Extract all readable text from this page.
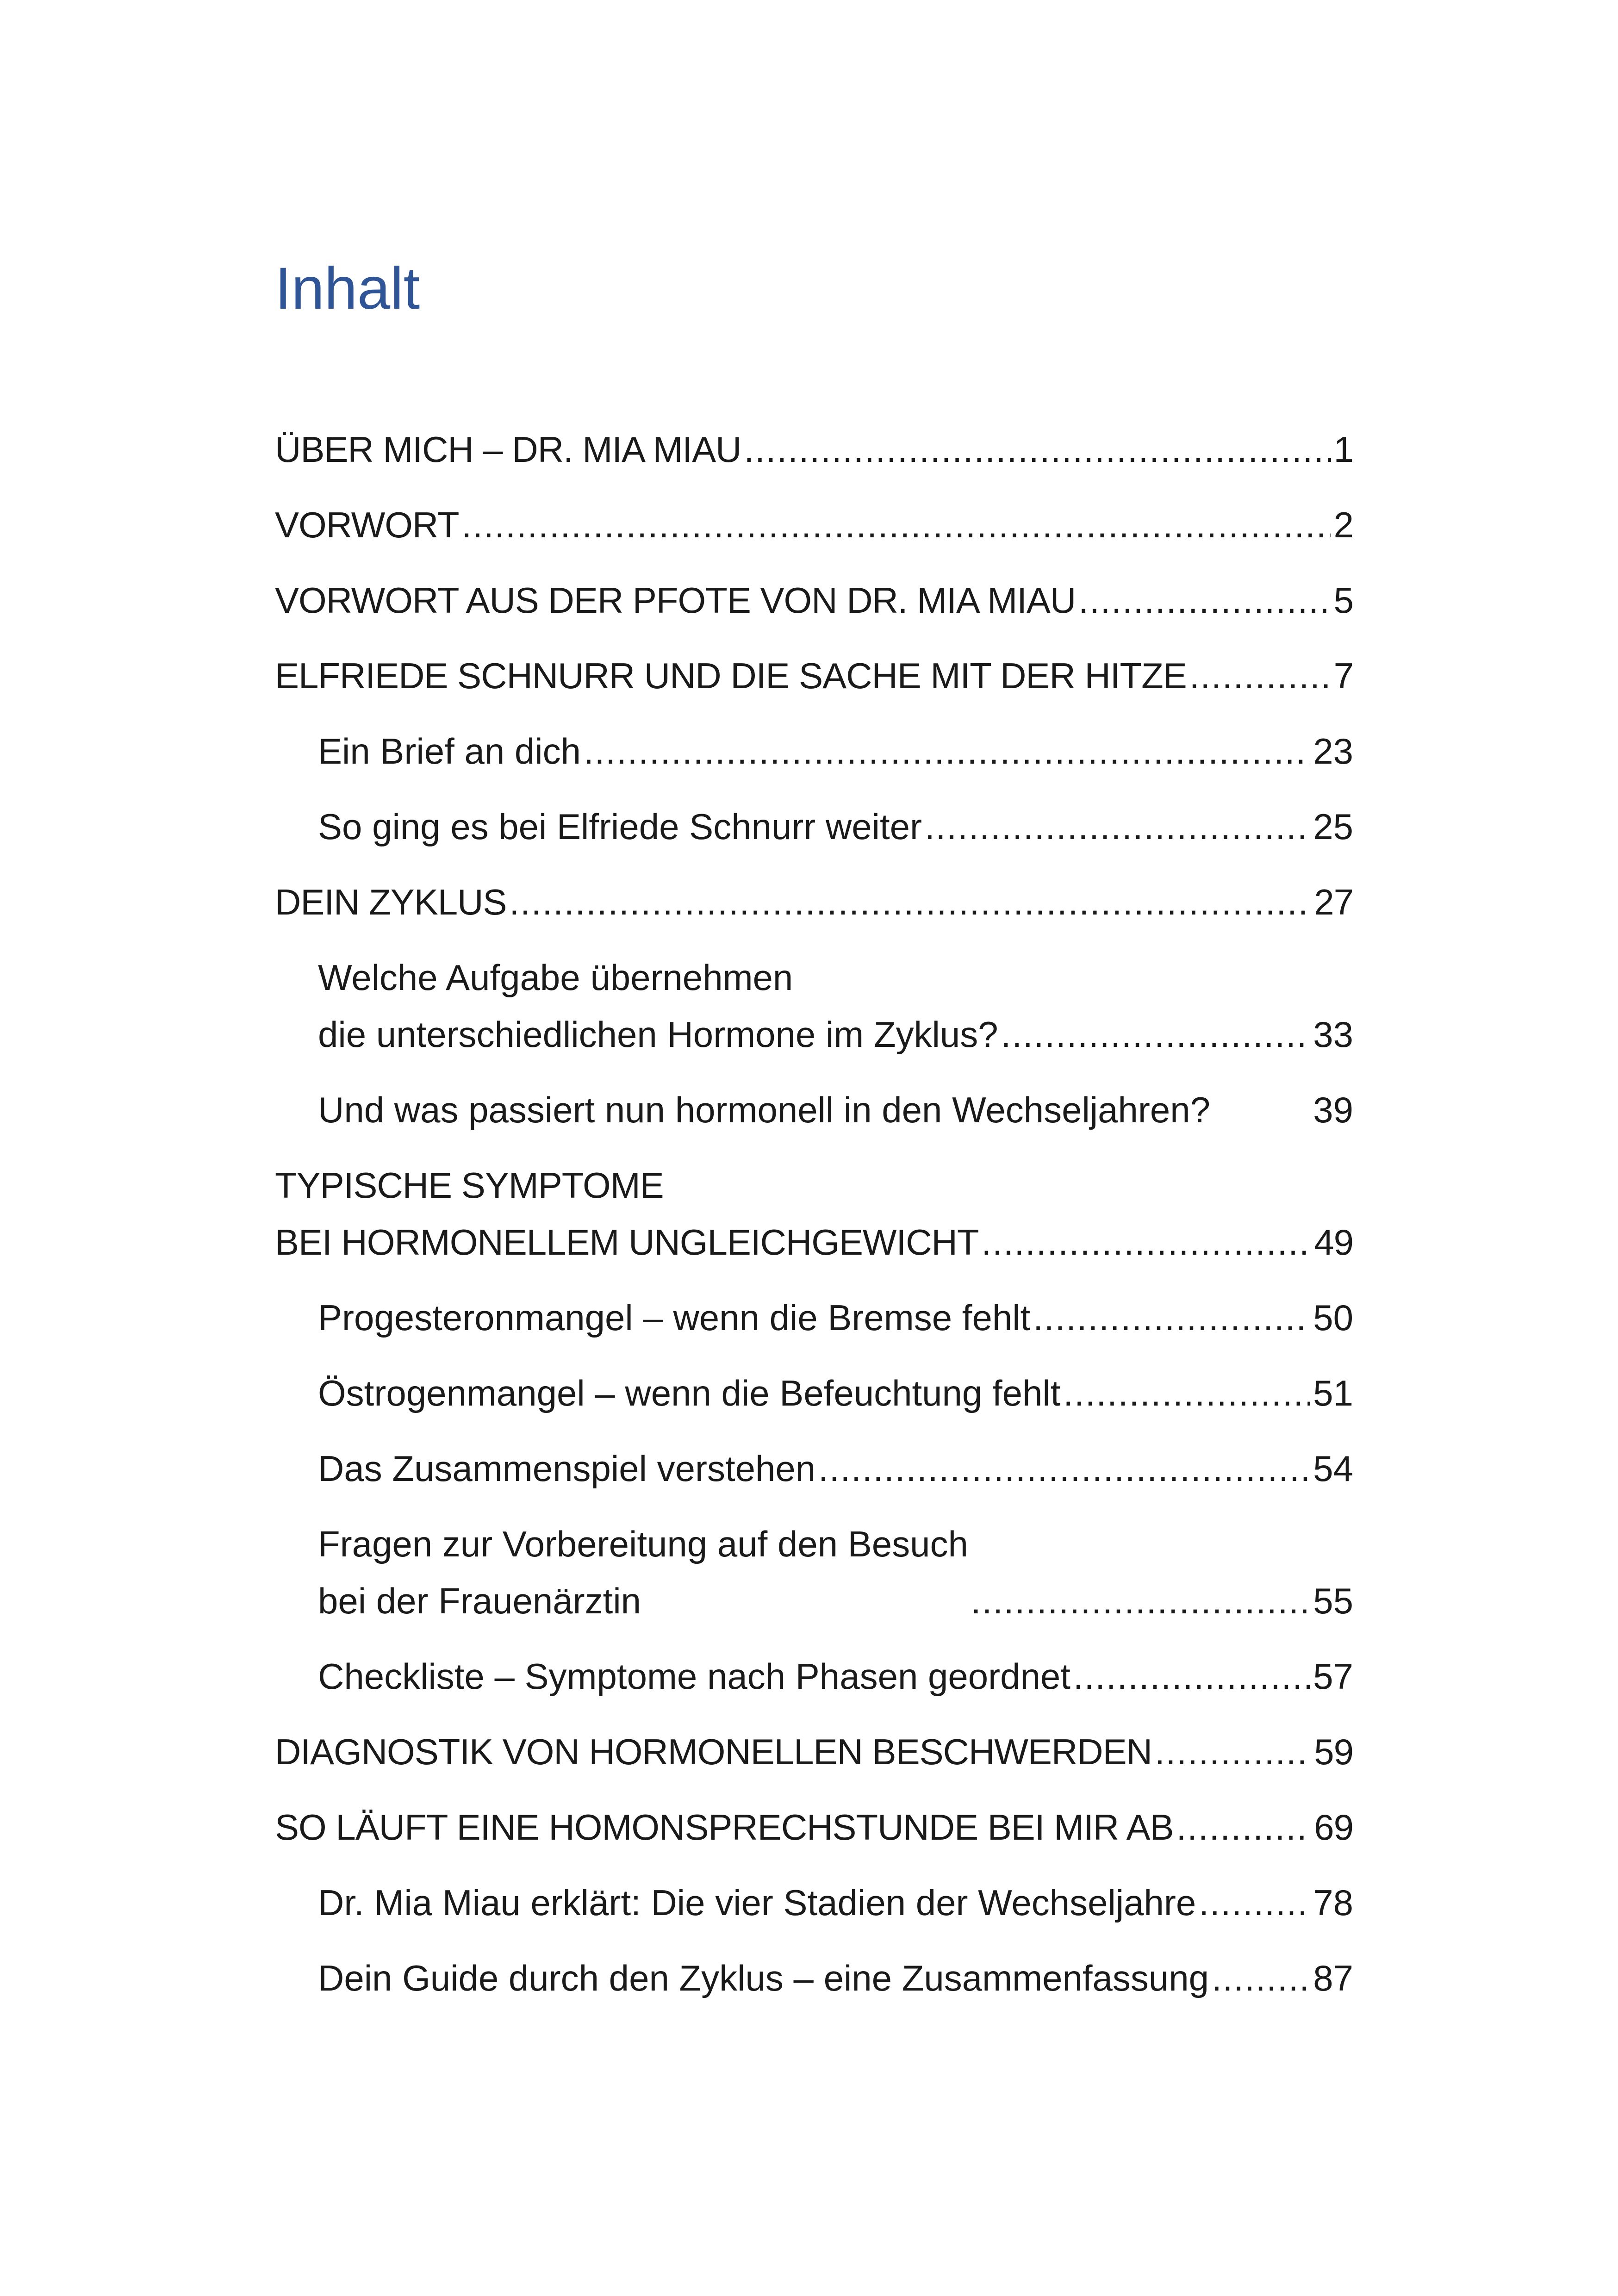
Inhalt
ÜBER MICH – DR. MIA MIAU .....	1
VORWORT .....	2
VORWORT AUS DER PFOTE VON DR. MIA MIAU .....	5
ELFRIEDE SCHNURR UND DIE SACHE MIT DER HITZE .....	7
Ein Brief an dich .....	23
So ging es bei Elfriede Schnurr weiter .....	25
DEIN ZYKLUS .....	27
Welche Aufgabe übernehmen
die unterschiedlichen Hormone im Zyklus? .....	33
Und was passiert nun hormonell in den Wechseljahren?	39
TYPISCHE SYMPTOME
BEI HORMONELLEM UNGLEICHGEWICHT .....	49
Progesteronmangel – wenn die Bremse fehlt .....	50
Östrogenmangel – wenn die Befeuchtung fehlt .....	51
Das Zusammenspiel verstehen .....	54
Fragen zur Vorbereitung auf den Besuch
bei der Frauenärztin .....	55
Checkliste – Symptome nach Phasen geordnet .....	57
DIAGNOSTIK VON HORMONELLEN BESCHWERDEN .....	59
SO LÄUFT EINE HOMONSPRECHSTUNDE BEI MIR AB .....	69
Dr. Mia Miau erklärt: Die vier Stadien der Wechseljahre .....	78
Dein Guide durch den Zyklus – eine Zusammenfassung .....	87
